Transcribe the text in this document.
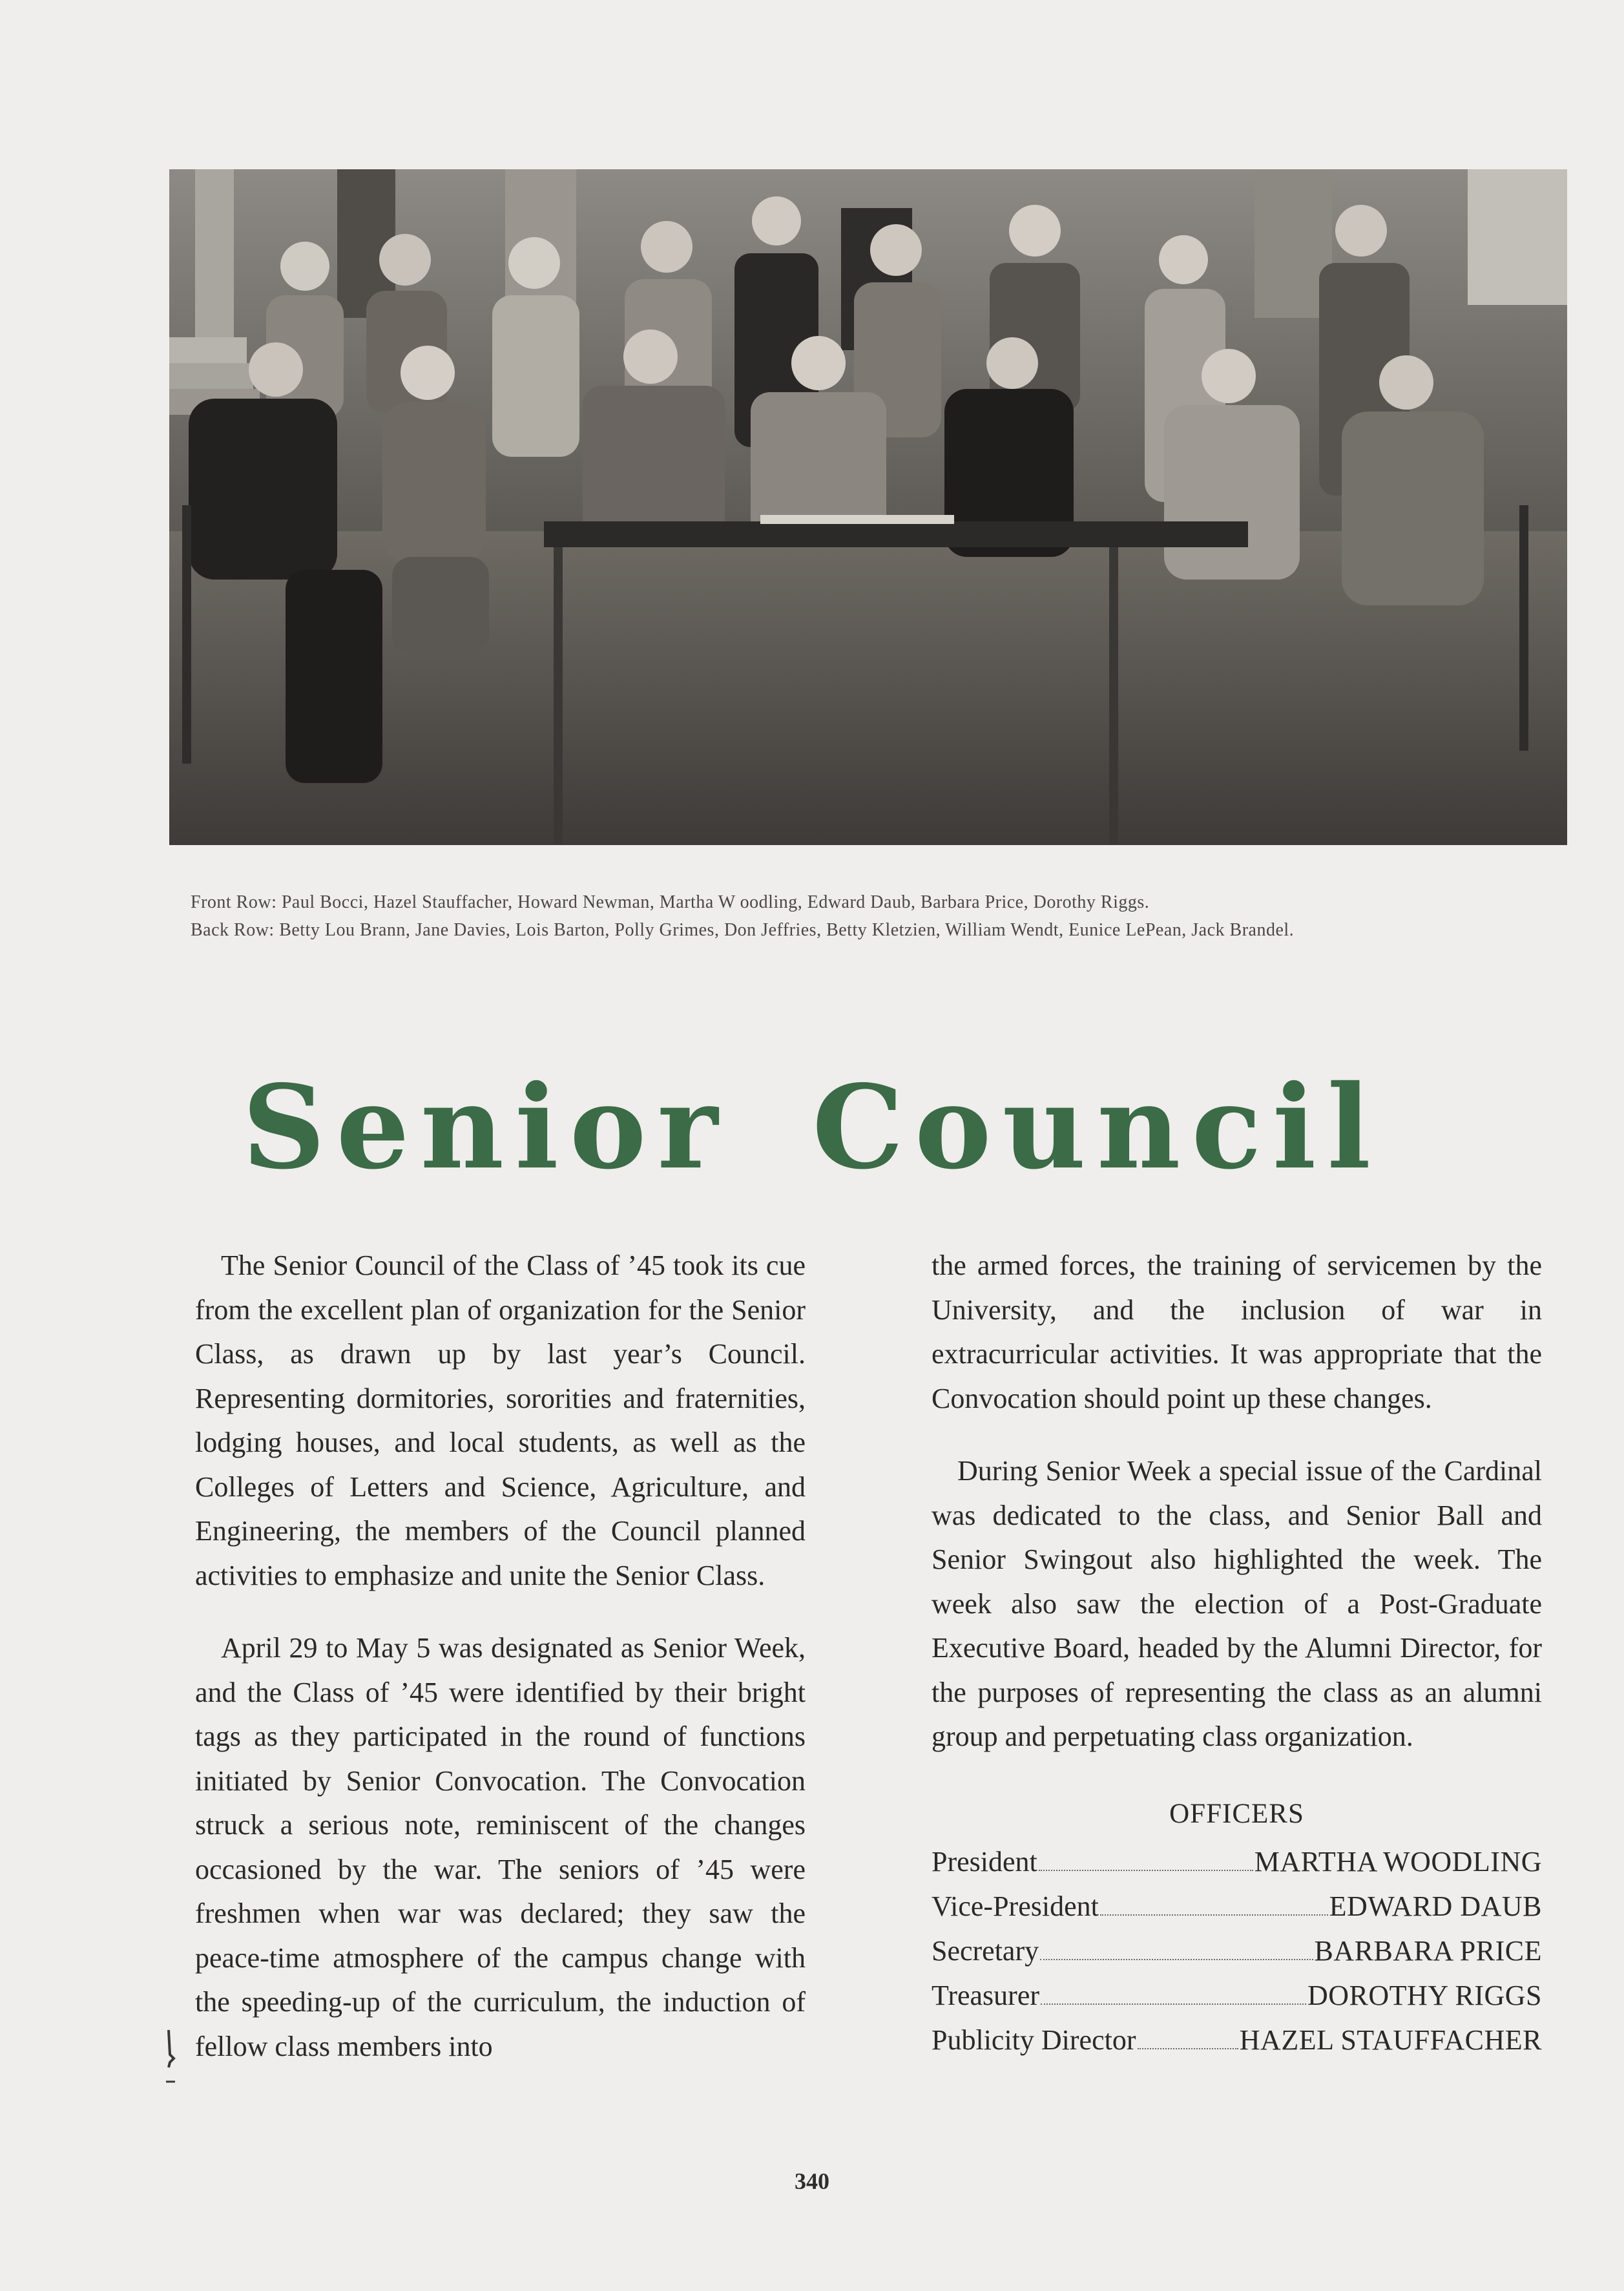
Front Row: Paul Bocci, Hazel Stauffacher, Howard Newman, Martha W oodling, Edward Daub, Barbara Price, Dorothy Riggs.
Back Row: Betty Lou Brann, Jane Davies, Lois Barton, Polly Grimes, Don Jeffries, Betty Kletzien, William Wendt, Eunice LePean, Jack Brandel.
Senior Council

The Senior Council of the Class of ’45 took its cue from the excellent plan of organization for the Senior Class, as drawn up by last year’s Council. Representing dormitories, sororities and fraternities, lodging houses, and local students, as well as the Colleges of Letters and Science, Agriculture, and Engineering, the members of the Council planned activities to emphasize and unite the Senior Class.

April 29 to May 5 was designated as Senior Week, and the Class of ’45 were identified by their bright tags as they participated in the round of functions initiated by Senior Convocation. The Convocation struck a serious note, reminiscent of the changes occasioned by the war. The seniors of ’45 were freshmen when war was declared; they saw the peace-time atmosphere of the campus change with the speeding-up of the curriculum, the induction of fellow class members into

the armed forces, the training of servicemen by the University, and the inclusion of war in extracurricular activities. It was appropriate that the Convocation should point up these changes.

During Senior Week a special issue of the Cardinal was dedicated to the class, and Senior Ball and Senior Swingout also highlighted the week. The week also saw the election of a Post-Graduate Executive Board, headed by the Alumni Director, for the purposes of representing the class as an alumni group and perpetuating class organization.

OFFICERS
President	MARTHA WOODLING
Vice-President	EDWARD DAUB
Secretary	BARBARA PRICE
Treasurer	DOROTHY RIGGS
Publicity Director	HAZEL STAUFFACHER
340
